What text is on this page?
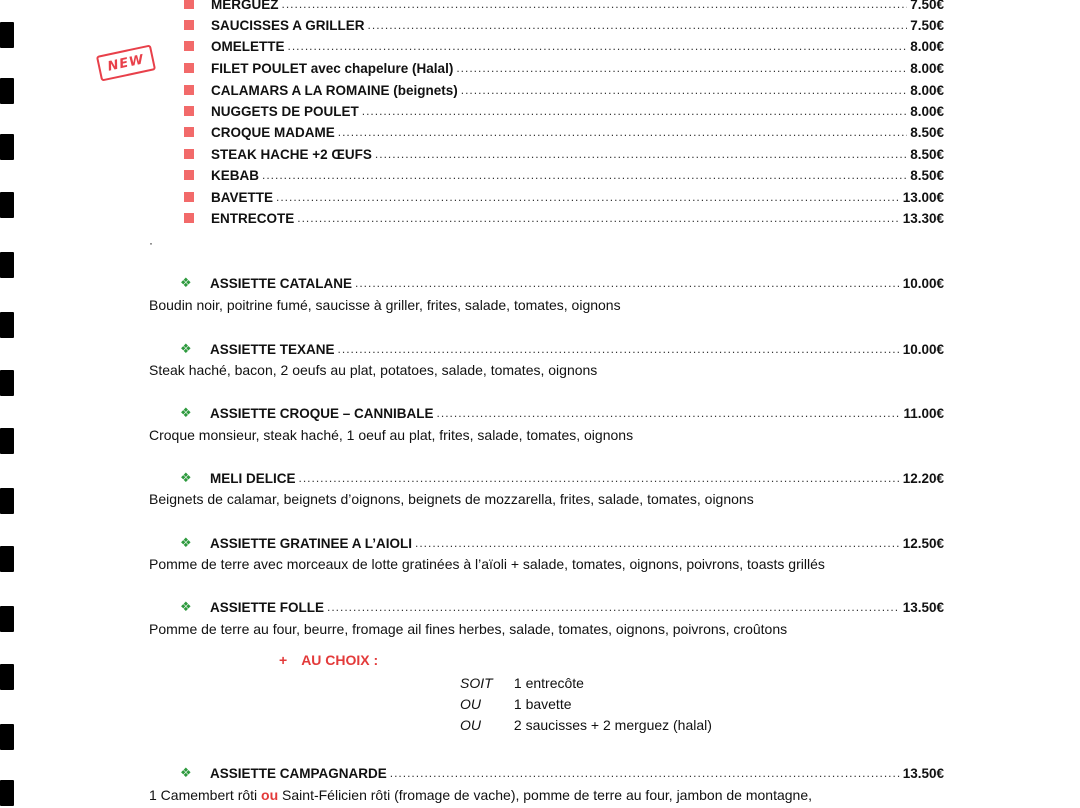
NEW
MERGUEZ .....	7.50€
SAUCISSES A GRILLER .....	7.50€
OMELETTE .....	8.00€
FILET POULET avec chapelure (Halal) .....	8.00€
CALAMARS A LA ROMAINE (beignets) .....	8.00€
NUGGETS DE POULET .....	8.00€
CROQUE MADAME .....	8.50€
STEAK HACHE +2 ŒUFS .....	8.50€
KEBAB .....	8.50€
BAVETTE .....	13.00€
ENTRECOTE .....	13.30€
·
❖ ASSIETTE CATALANE .....	10.00€
Boudin noir, poitrine fumé, saucisse à griller, frites, salade, tomates, oignons
❖ ASSIETTE TEXANE .....	10.00€
Steak haché, bacon, 2 oeufs au plat, potatoes, salade, tomates, oignons
❖ ASSIETTE CROQUE – CANNIBALE .....	11.00€
Croque monsieur, steak haché, 1 oeuf au plat, frites, salade, tomates, oignons
❖ MELI DELICE .....	12.20€
Beignets de calamar, beignets d’oignons, beignets de mozzarella, frites, salade, tomates, oignons
❖ ASSIETTE GRATINEE A L’AIOLI .....	12.50€
Pomme de terre avec morceaux de lotte gratinées à l’aïoli + salade, tomates, oignons, poivrons, toasts grillés
❖ ASSIETTE FOLLE .....	13.50€
Pomme de terre au four, beurre, fromage ail fines herbes, salade, tomates, oignons, poivrons, croûtons
+ AU CHOIX :
SOIT 1 entrecôte
OU 1 bavette
OU 2 saucisses + 2 merguez (halal)
❖ ASSIETTE CAMPAGNARDE .....	13.50€
1 Camembert rôti ou Saint-Félicien rôti (fromage de vache), pomme de terre au four, jambon de montagne,
